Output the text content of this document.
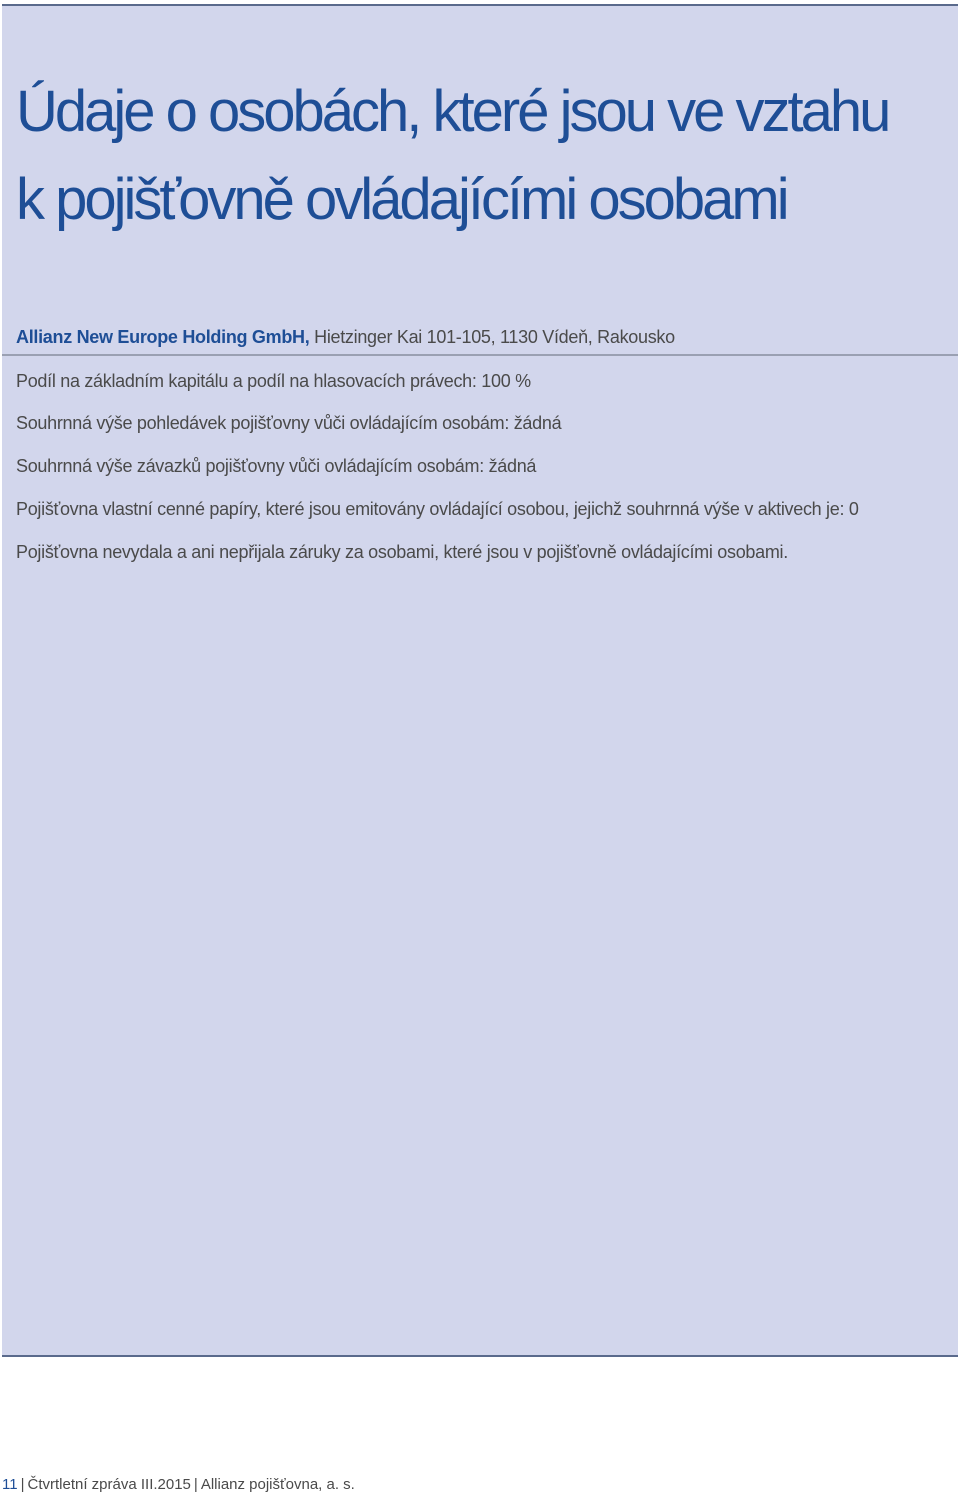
Údaje o osobách, které jsou ve vztahu
k pojišťovně ovládajícími osobami
Allianz New Europe Holding GmbH, Hietzinger Kai 101-105, 1130 Vídeň, Rakousko
Podíl na základním kapitálu a podíl na hlasovacích právech: 100 %
Souhrnná výše pohledávek pojišťovny vůči ovládajícím osobám: žádná
Souhrnná výše závazků pojišťovny vůči ovládajícím osobám: žádná
Pojišťovna vlastní cenné papíry, které jsou emitovány ovládající osobou, jejichž souhrnná výše v aktivech je: 0
Pojišťovna nevydala a ani nepřijala záruky za osobami, které jsou v pojišťovně ovládajícími osobami.
11 | Čtvrtletní zpráva III.2015 | Allianz pojišťovna, a. s.
